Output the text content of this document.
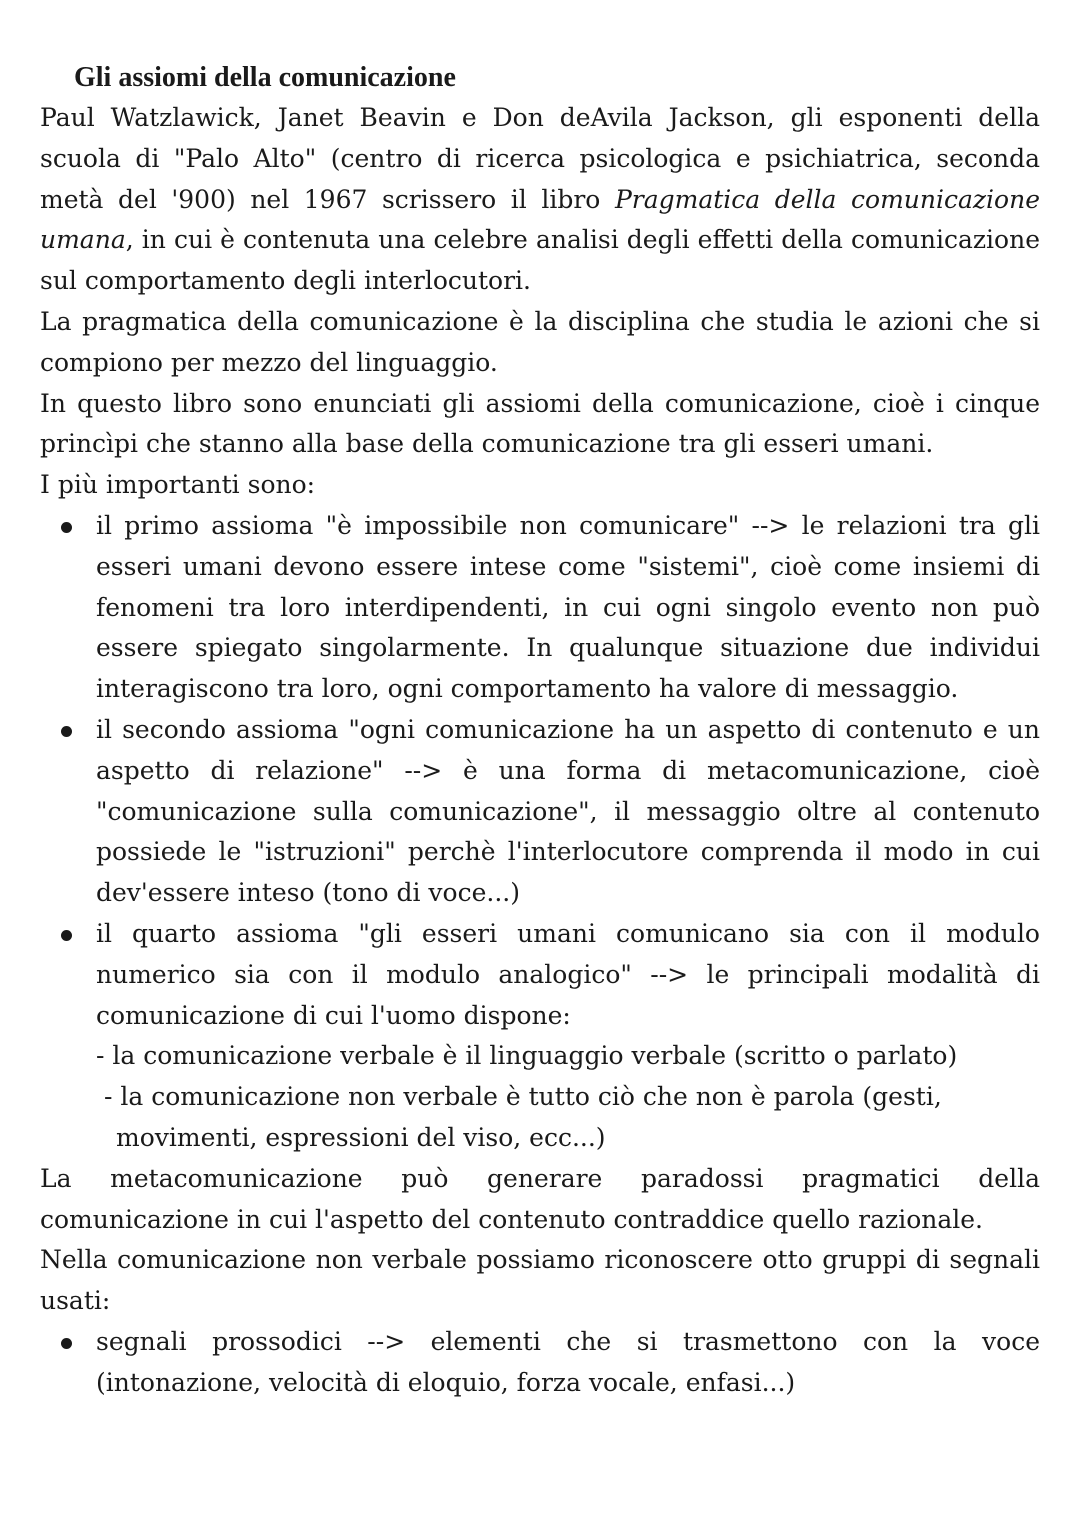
Gli assiomi della comunicazione

Paul Watzlawick, Janet Beavin e Don deAvila Jackson, gli esponenti della scuola di "Palo Alto" (centro di ricerca psicologica e psichiatrica, seconda metà del '900) nel 1967 scrissero il libro Pragmatica della comunicazione umana, in cui è contenuta una celebre analisi degli effetti della comunicazione sul comportamento degli interlocutori.

La pragmatica della comunicazione è la disciplina che studia le azioni che si compiono per mezzo del linguaggio.

In questo libro sono enunciati gli assiomi della comunicazione, cioè i cinque princìpi che stanno alla base della comunicazione tra gli esseri umani.

I più importanti sono:

il primo assioma "è impossibile non comunicare" --> le relazioni tra gli esseri umani devono essere intese come "sistemi", cioè come insiemi di fenomeni tra loro interdipendenti, in cui ogni singolo evento non può essere spiegato singolarmente. In qualunque situazione due individui interagiscono tra loro, ogni comportamento ha valore di messaggio.
il secondo assioma "ogni comunicazione ha un aspetto di contenuto e un aspetto di relazione" --> è una forma di metacomunicazione, cioè "comunicazione sulla comunicazione", il messaggio oltre al contenuto possiede le "istruzioni" perchè l'interlocutore comprenda il modo in cui dev'essere inteso (tono di voce...)
il quarto assioma "gli esseri umani comunicano sia con il modulo numerico sia con il modulo analogico" --> le principali modalità di comunicazione di cui l'uomo dispone:
- la comunicazione verbale è il linguaggio verbale (scritto o parlato)
- la comunicazione non verbale è tutto ciò che non è parola (gesti,
movimenti, espressioni del viso, ecc...)

La metacomunicazione può generare paradossi pragmatici della comunicazione in cui l'aspetto del contenuto contraddice quello razionale.

Nella comunicazione non verbale possiamo riconoscere otto gruppi di segnali usati:

segnali prossodici --> elementi che si trasmettono con la voce (intonazione, velocità di eloquio, forza vocale, enfasi...)
